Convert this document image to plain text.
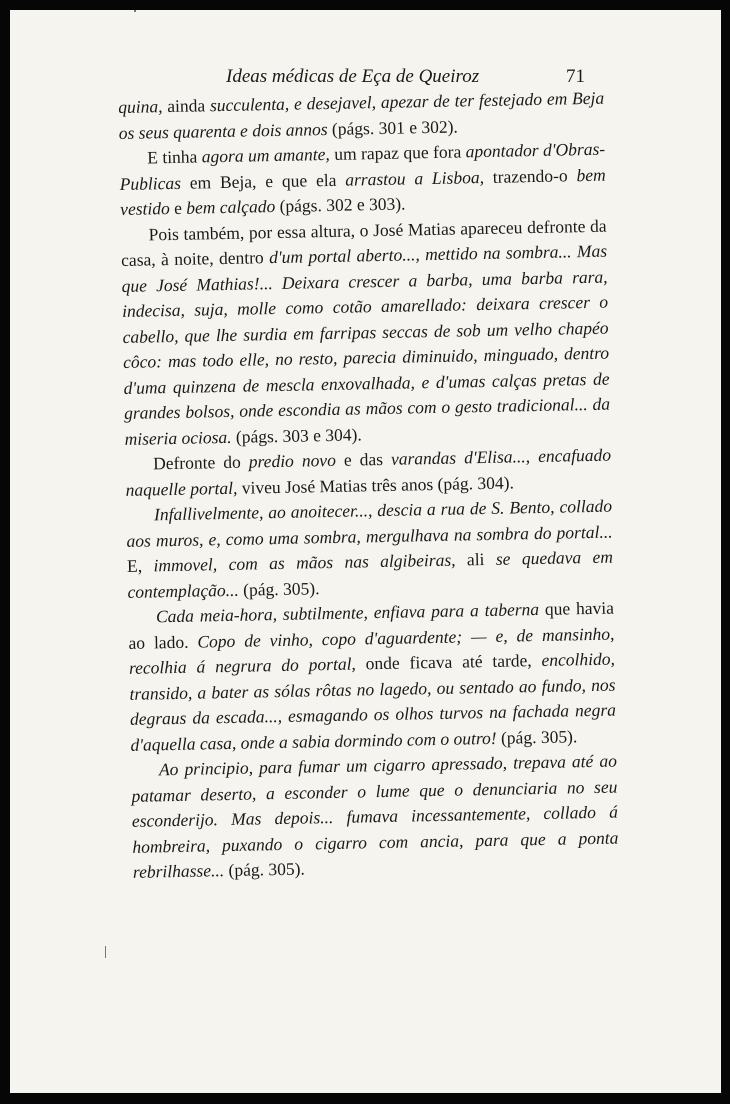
Ideas médicas de Eça de Queiroz	71

quina, ainda succulenta, e desejavel, apezar de ter festejado em Beja os seus quarenta e dois annos (págs. 301 e 302).

E tinha agora um amante, um rapaz que fora apontador d'Obras-Publicas em Beja, e que ela arrastou a Lisboa, trazendo-o bem vestido e bem calçado (págs. 302 e 303).

Pois também, por essa altura, o José Matias apareceu defronte da casa, à noite, dentro d'um portal aberto..., mettido na sombra... Mas que José Mathias!... Deixara crescer a barba, uma barba rara, indecisa, suja, molle como cotão amarellado: deixara crescer o cabello, que lhe surdia em farripas seccas de sob um velho chapéo côco: mas todo elle, no resto, parecia diminuido, minguado, dentro d'uma quinzena de mescla enxovalhada, e d'umas calças pretas de grandes bolsos, onde escondia as mãos com o gesto tradicional... da miseria ociosa. (págs. 303 e 304).

Defronte do predio novo e das varandas d'Elisa..., encafuado naquelle portal, viveu José Matias três anos (pág. 304).

Infallivelmente, ao anoitecer..., descia a rua de S. Bento, collado aos muros, e, como uma sombra, mergulhava na sombra do portal... E, immovel, com as mãos nas algibeiras, ali se quedava em contemplação... (pág. 305).

Cada meia-hora, subtilmente, enfiava para a taberna que havia ao lado. Copo de vinho, copo d'aguardente; — e, de mansinho, recolhia á negrura do portal, onde ficava até tarde, encolhido, transido, a bater as sólas rôtas no lagedo, ou sentado ao fundo, nos degraus da escada..., esmagando os olhos turvos na fachada negra d'aquella casa, onde a sabia dormindo com o outro! (pág. 305).

Ao principio, para fumar um cigarro apressado, trepava até ao patamar deserto, a esconder o lume que o denunciaria no seu esconderijo. Mas depois... fumava incessantemente, collado á hombreira, puxando o cigarro com ancia, para que a ponta rebrilhasse... (pág. 305).
